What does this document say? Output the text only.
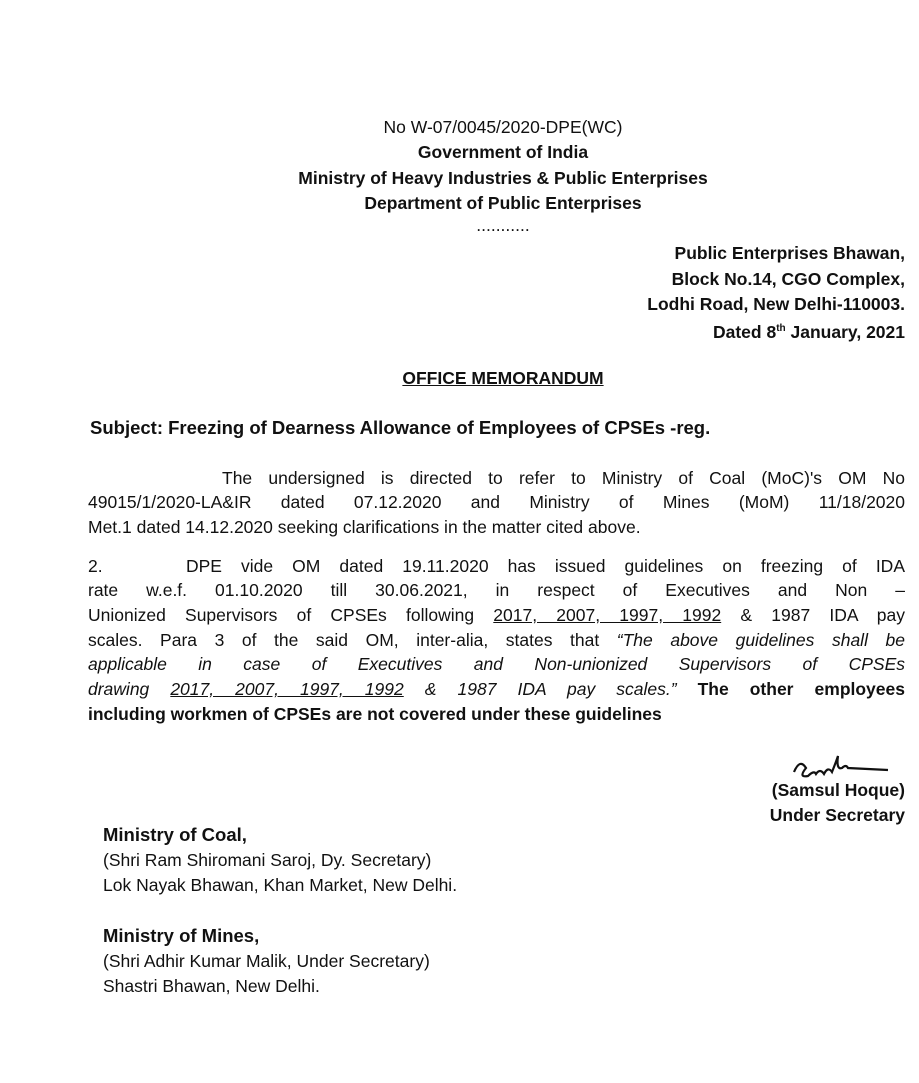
No W-07/0045/2020-DPE(WC)
Government of India
Ministry of Heavy Industries & Public Enterprises
Department of Public Enterprises
...........
Public Enterprises Bhawan,
Block No.14, CGO Complex,
Lodhi Road, New Delhi-110003.
Dated 8th January, 2021
OFFICE MEMORANDUM
Subject: Freezing of Dearness Allowance of Employees of CPSEs -reg.
The undersigned is directed to refer to Ministry of Coal (MoC)'s OM No
49015/1/2020-LA&IR dated 07.12.2020 and Ministry of Mines (MoM) 11/18/2020
Met.1 dated 14.12.2020 seeking clarifications in the matter cited above.
2.	DPE vide OM dated 19.11.2020 has issued guidelines on freezing of IDA
rate w.e.f. 01.10.2020 till 30.06.2021, in respect of Executives and Non –
Unionized Supervisors of CPSEs following 2017, 2007, 1997, 1992 & 1987 IDA pay
scales. Para 3 of the said OM, inter-alia, states that “The above guidelines shall be
applicable in case of Executives and Non-unionized Supervisors of CPSEs
drawing 2017, 2007, 1997, 1992 & 1987 IDA pay scales.” The other employees
including workmen of CPSEs are not covered under these guidelines
(Samsul Hoque)
Under Secretary
Ministry of Coal,
(Shri Ram Shiromani Saroj, Dy. Secretary)
Lok Nayak Bhawan, Khan Market, New Delhi.
Ministry of Mines,
(Shri Adhir Kumar Malik, Under Secretary)
Shastri Bhawan, New Delhi.
